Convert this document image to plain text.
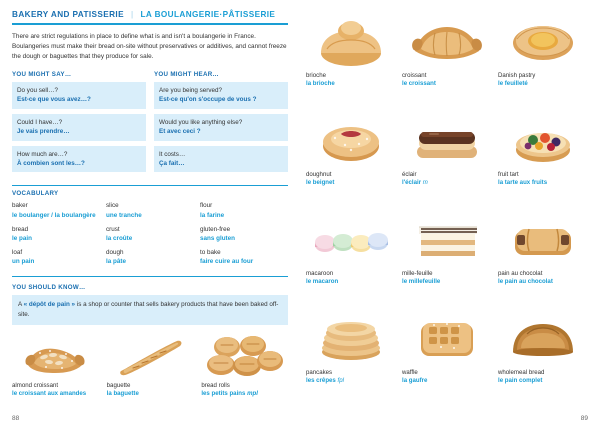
BAKERY AND PATISSERIE | LA BOULANGERIE·PÂTISSERIE
There are strict regulations in place to define what is and isn't a boulangerie in France. Boulangeries must make their bread on-site without preservatives or additives, and cannot freeze the dough or baguettes that they produce for sale.
YOU MIGHT SAY…
Do you sell…?
Est-ce que vous avez…?
Could I have…?
Je vais prendre…
How much are…?
À combien sont les…?
YOU MIGHT HEAR…
Are you being served?
Est-ce qu'on s'occupe de vous ?
Would you like anything else?
Et avec ceci ?
It costs…
Ça fait…
VOCABULARY
baker
le boulanger / la boulangère
bread
le pain
loaf
un pain
slice
une tranche
crust
la croûte
dough
la pâte
flour
la farine
gluten-free
sans gluten
to bake
faire cuire au four
YOU SHOULD KNOW…
A « dépôt de pain » is a shop or counter that sells bakery products that have been baked off-site.
almond croissant
le croissant aux amandes
baguette
la baguette
bread rolls
les petits pains mpl
88
brioche
la brioche
croissant
le croissant
Danish pastry
le feuilleté
doughnut
le beignet
éclair
l'éclair m
fruit tart
la tarte aux fruits
macaroon
le macaron
mille-feuille
le millefeuille
pain au chocolat
le pain au chocolat
pancakes
les crêpes fpl
waffle
la gaufre
wholemeal bread
le pain complet
89
